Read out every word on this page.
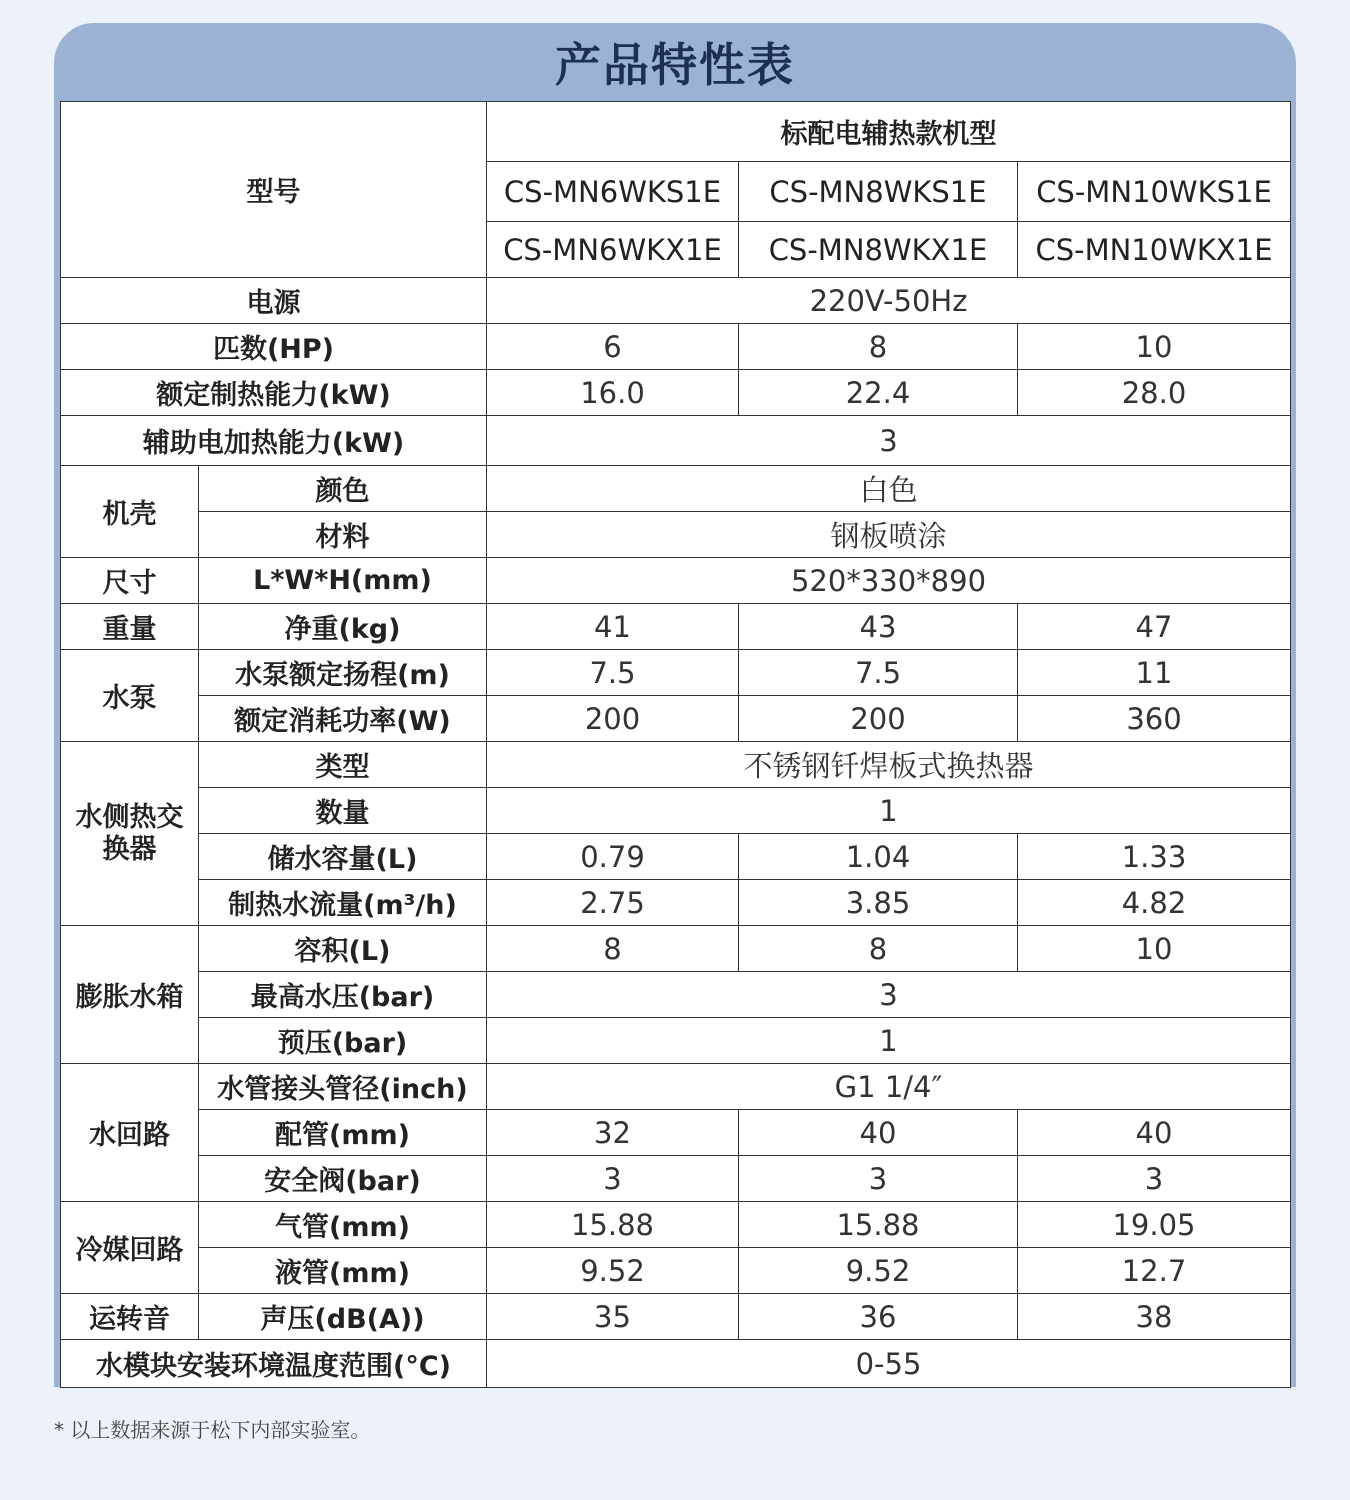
产品特性表
型号		标配电辅热款机型		
		CS-MN6WKS1E	CS-MN8WKS1E	CS-MN10WKS1E
		CS-MN6WKX1E	CS-MN8WKX1E	CS-MN10WKX1E
电源		220V-50Hz		
匹数(HP)		6	8	10
额定制热能力(kW)		16.0	22.4	28.0
辅助电加热能力(kW)		3		
机壳	颜色	白色		
	材料	钢板喷涂		
尺寸	L*W*H(mm)	520*330*890		
重量	净重(kg)	41	43	47
水泵	水泵额定扬程(m)	7.5	7.5	11
	额定消耗功率(W)	200	200	360
水侧热交换器	类型	不锈钢钎焊板式换热器		
	数量	1		
	储水容量(L)	0.79	1.04	1.33
	制热水流量(m³/h)	2.75	3.85	4.82
膨胀水箱	容积(L)	8	8	10
	最高水压(bar)	3		
	预压(bar)	1		
水回路	水管接头管径(inch)	G1 1/4″		
	配管(mm)	32	40	40
	安全阀(bar)	3	3	3
冷媒回路	气管(mm)	15.88	15.88	19.05
	液管(mm)	9.52	9.52	12.7
运转音	声压(dB(A))	35	36	38
水模块安装环境温度范围(°C)		0-55		
* 以上数据来源于松下内部实验室。
